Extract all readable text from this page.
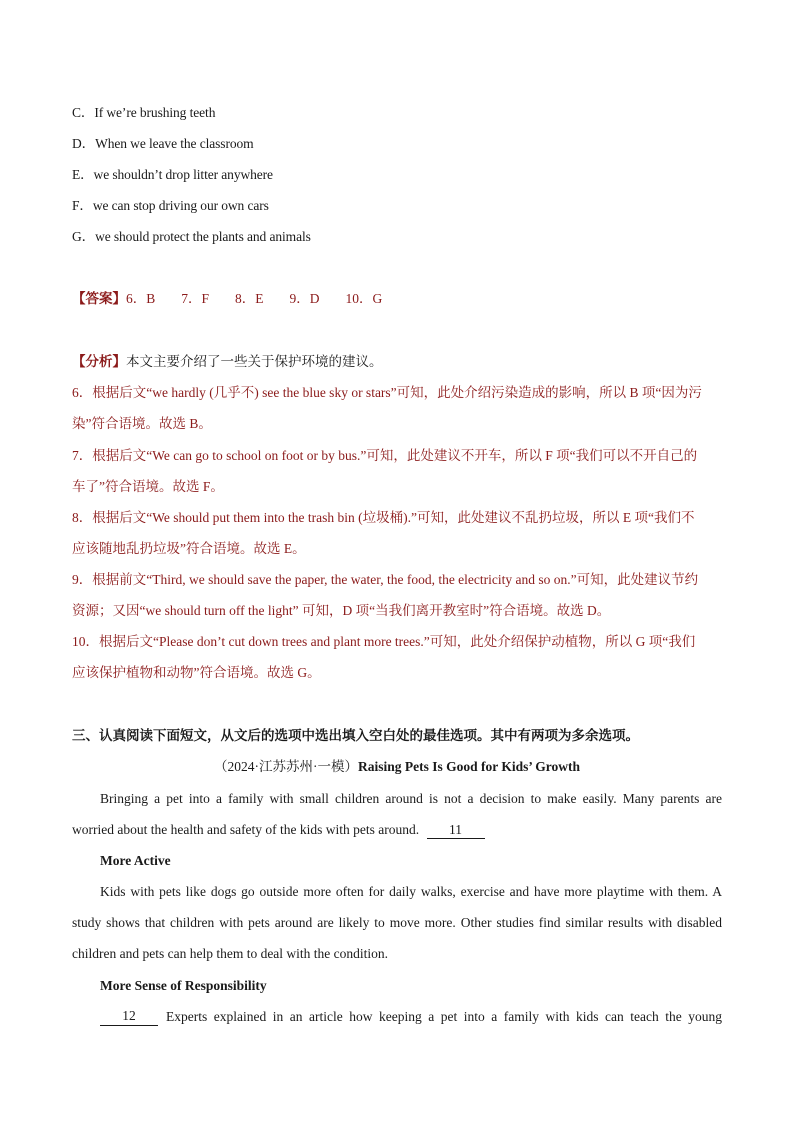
C．If we’re brushing teeth
D．When we leave the classroom
E．we shouldn’t drop litter anywhere
F．we can stop driving our own cars
G．we should protect the plants and animals
【答案】6．B 7．F 8．E 9．D 10．G
【分析】本文主要介绍了一些关于保护环境的建议。
6．根据后文“we hardly (几乎不) see the blue sky or stars”可知，此处介绍污染造成的影响，所以 B 项“因为污
染”符合语境。故选 B。
7．根据后文“We can go to school on foot or by bus.”可知，此处建议不开车，所以 F 项“我们可以不开自己的
车了”符合语境。故选 F。
8．根据后文“We should put them into the trash bin (垃圾桶).”可知，此处建议不乱扔垃圾，所以 E 项“我们不
应该随地乱扔垃圾”符合语境。故选 E。
9．根据前文“Third, we should save the paper, the water, the food, the electricity and so on.”可知，此处建议节约
资源；又因“we should turn off the light” 可知，D 项“当我们离开教室时”符合语境。故选 D。
10．根据后文“Please don’t cut down trees and plant more trees.”可知，此处介绍保护动植物，所以 G 项“我们
应该保护植物和动物”符合语境。故选 G。
三、认真阅读下面短文，从文后的选项中选出填入空白处的最佳选项。其中有两项为多余选项。
（2024·江苏苏州·一模）Raising Pets Is Good for Kids’ Growth
Bringing a pet into a family with small children around is not a decision to make easily. Many parents are
worried about the health and safety of the kids with pets around. 11
More Active
Kids with pets like dogs go outside more often for daily walks, exercise and have more playtime with them. A
study shows that children with pets around are likely to move more. Other studies find similar results with disabled
children and pets can help them to deal with the condition.
More Sense of Responsibility
12	Experts explained in an article how keeping a pet into a family with kids can teach the young
